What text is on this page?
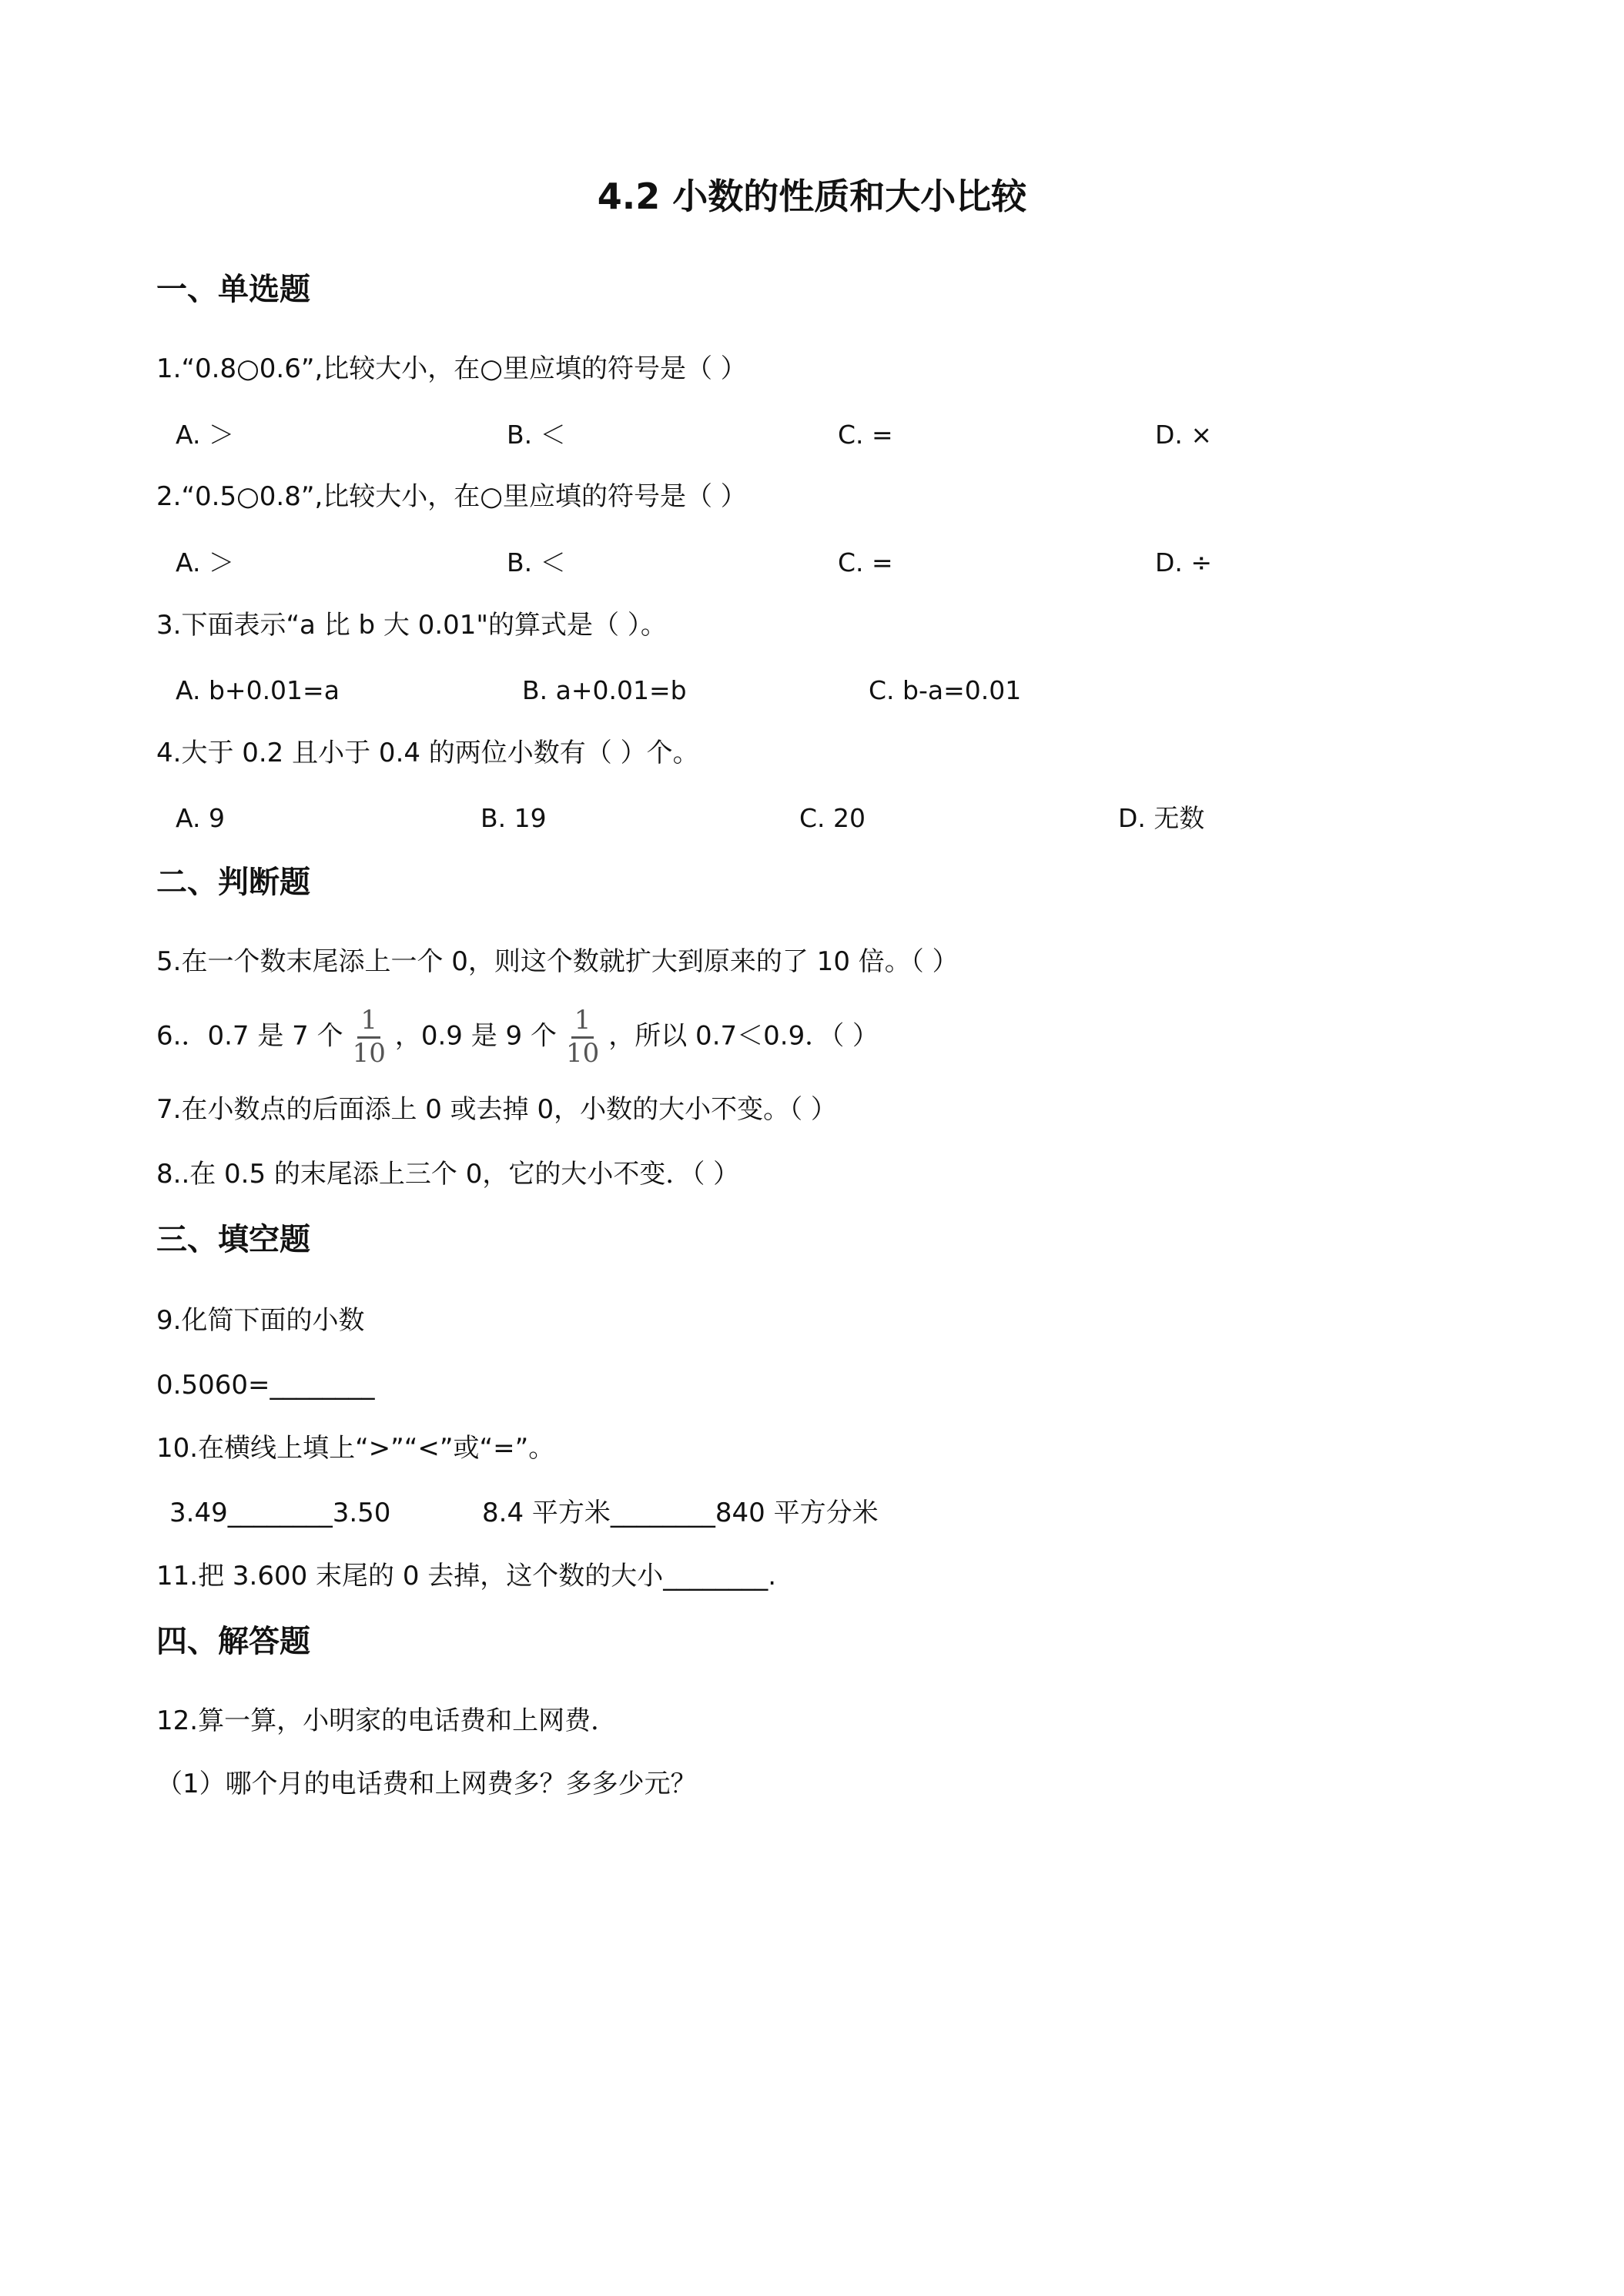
4.2 小数的性质和大小比较
一、单选题
1.“0.8○0.6”,比较大小，在○里应填的符号是（ ）
A. ＞	B. ＜	C. =	D. ×
2.“0.5○0.8”,比较大小，在○里应填的符号是（ ）
A. ＞	B. ＜	C. =	D. ÷
3.下面表示“a 比 b 大 0.01"的算式是（ ）。
A. b+0.01=a	B. a+0.01=b	C. b-a=0.01
4.大于 0.2 且小于 0.4 的两位小数有（ ）个。
A. 9	B. 19	C. 20	D. 无数
二、判断题
5.在一个数末尾添上一个 0，则这个数就扩大到原来的了 10 倍。（ ）
6.．0.7 是 7 个 $\frac{1}{10}$ ，0.9 是 9 个 $\frac{1}{10}$ ，所以 0.7＜0.9．（ ）
7.在小数点的后面添上 0 或去掉 0，小数的大小不变。（ ）
8..在 0.5 的末尾添上三个 0，它的大小不变．（ ）
三、填空题
9.化简下面的小数
0.5060=________
10.在横线上填上“>”“<”或“=”。
3.49________3.50	8.4 平方米________840 平方分米
11.把 3.600 末尾的 0 去掉，这个数的大小________.
四、解答题
12.算一算，小明家的电话费和上网费．
（1）哪个月的电话费和上网费多？多多少元？
